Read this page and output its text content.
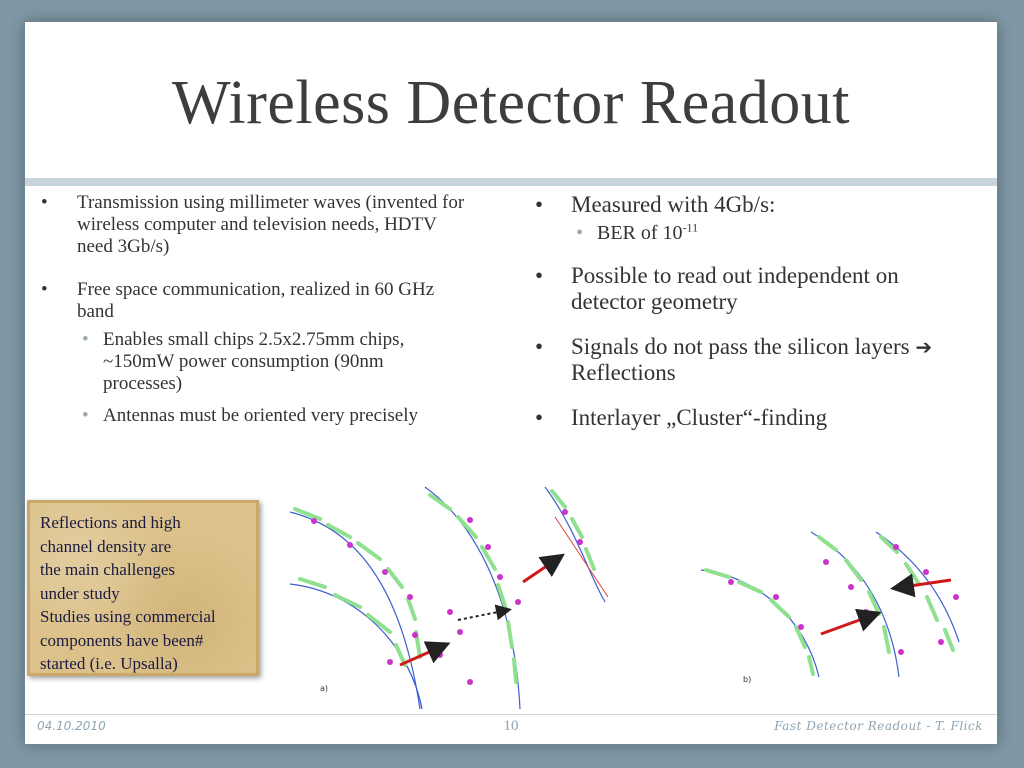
Wireless Detector Readout
• Transmission using millimeter waves (invented for wireless computer and television needs, HDTV need 3Gb/s)
• Free space communication, realized in 60 GHz band
• Enables small chips 2.5x2.75mm chips, ~150mW power consumption (90nm processes)
• Antennas must be oriented very precisely
• Measured with 4Gb/s:
• BER of $10^{-11}$
• Possible to read out independent on detector geometry
• Signals do not pass the silicon layers ➔ Reflections
• Interlayer „Cluster“-finding
Reflections and high
channel density are
the main challenges
under study
Studies using commercial
components have been#
started (i.e. Upsalla)
a)
b)
04.10.2010	10	Fast Detector Readout - T. Flick
